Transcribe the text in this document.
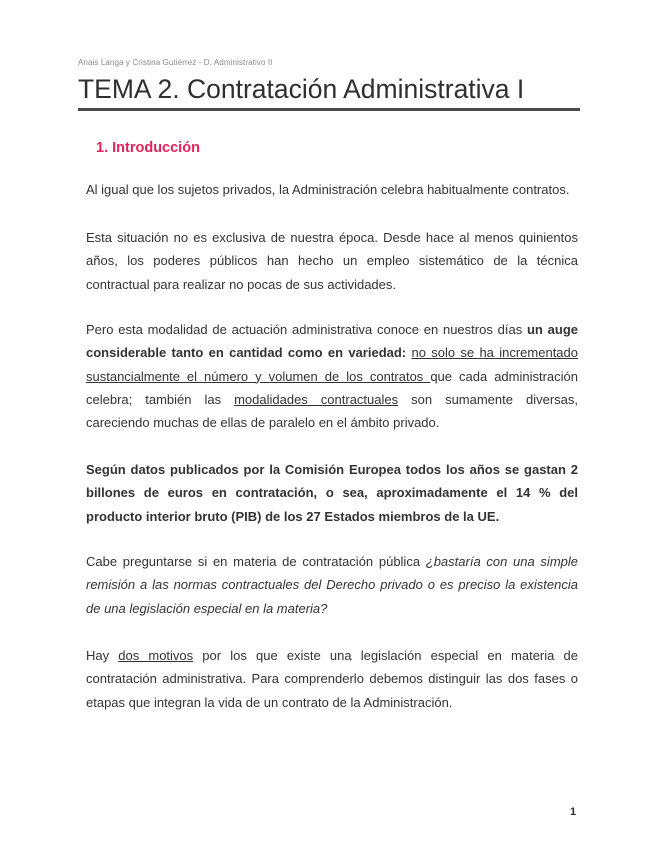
Anais Langa y Cristina Gutiérrez - D. Administrativo II
TEMA 2. Contratación Administrativa I
1. Introducción

Al igual que los sujetos privados, la Administración celebra habitualmente contratos.

Esta situación no es exclusiva de nuestra época. Desde hace al menos quinientos años, los poderes públicos han hecho un empleo sistemático de la técnica contractual para realizar no pocas de sus actividades.

Pero esta modalidad de actuación administrativa conoce en nuestros días un auge considerable tanto en cantidad como en variedad: no solo se ha incrementado sustancialmente el número y volumen de los contratos que cada administración celebra; también las modalidades contractuales son sumamente diversas, careciendo muchas de ellas de paralelo en el ámbito privado.

Según datos publicados por la Comisión Europea todos los años se gastan 2 billones de euros en contratación, o sea, aproximadamente el 14 % del producto interior bruto (PIB) de los 27 Estados miembros de la UE.

Cabe preguntarse si en materia de contratación pública ¿bastaría con una simple remisión a las normas contractuales del Derecho privado o es preciso la existencia de una legislación especial en la materia?

Hay dos motivos por los que existe una legislación especial en materia de contratación administrativa. Para comprenderlo debemos distinguir las dos fases o etapas que integran la vida de un contrato de la Administración.

1
